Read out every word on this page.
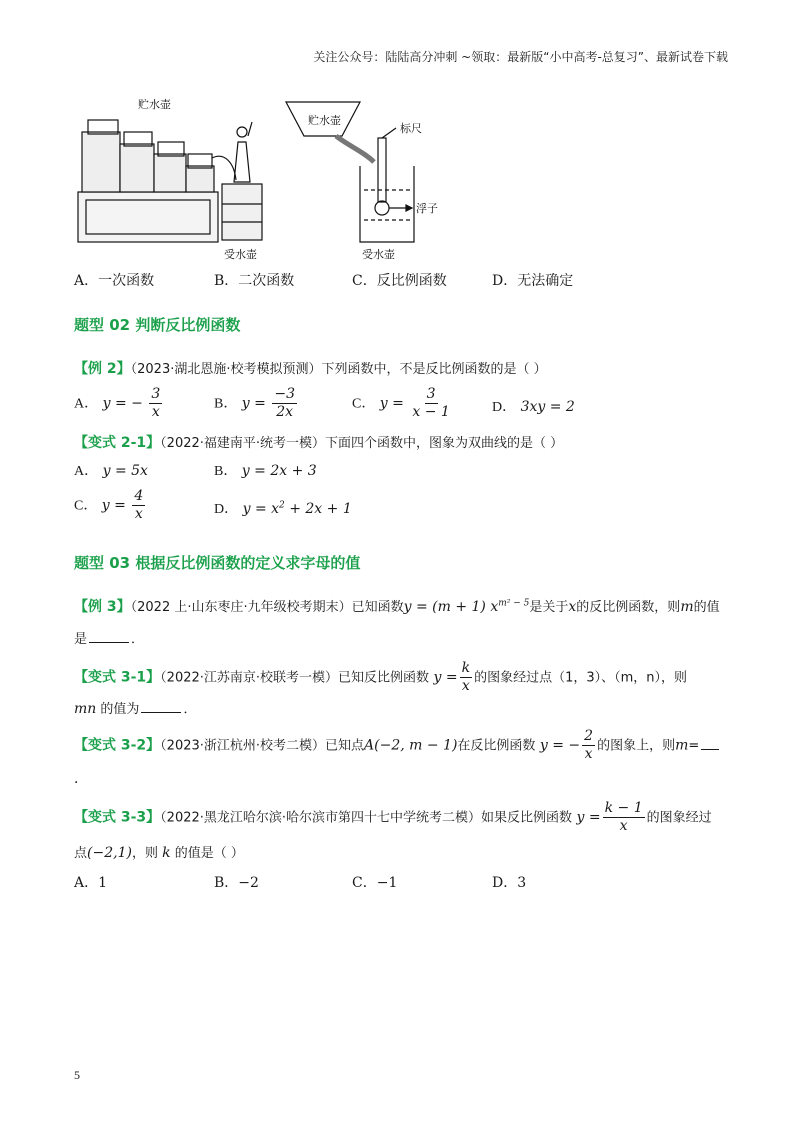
关注公众号：陆陆高分冲刺 ~领取：最新版“小中高考-总复习”、最新试卷下载
贮水壶
受水壶
贮水壶
标尺
浮子
受水壶
A．一次函数	B．二次函数	C．反比例函数	D．无法确定
题型 02 判断反比例函数
【例 2】（2023·湖北恩施·校考模拟预测）下列函数中，不是反比例函数的是（ ）
A． y = − $\frac{3}{x}$	B． $y = \frac{-3}{2x}$	C． $y = \frac{3}{x - 1}$	D． 3xy = 2
【变式 2-1】（2022·福建南平·统考一模）下面四个函数中，图象为双曲线的是（ ）
A． y = 5x	B． y = 2x + 3
C． $y = \frac{4}{x}$	D． $y = x^2 + 2x + 1$
题型 03 根据反比例函数的定义求字母的值
【例 3】（2022 上·山东枣庄·九年级校考期末）已知函数y = (m + 1) $x^{m^2 - 5}$是关于x的反比例函数，则m的值
是	．
【变式 3-1】（2022·江苏南京·校联考一模）已知反比例函数 $y = \frac{k}{x}$ 的图象经过点（1，3）、（m，n），则
mn 的值为	．
【变式 3-2】（2023·浙江杭州·校考二模）已知点A(−2, m − 1)在反比例函数 y = − $\frac{2}{x}$ 的图象上，则m=
．
【变式 3-3】（2022·黑龙江哈尔滨·哈尔滨市第四十七中学统考二模）如果反比例函数 $y = \frac{k - 1}{x}$ 的图象经过
点(−2,1)，则 k 的值是（ ）
A．1	B．−2	C．−1	D．3
5
